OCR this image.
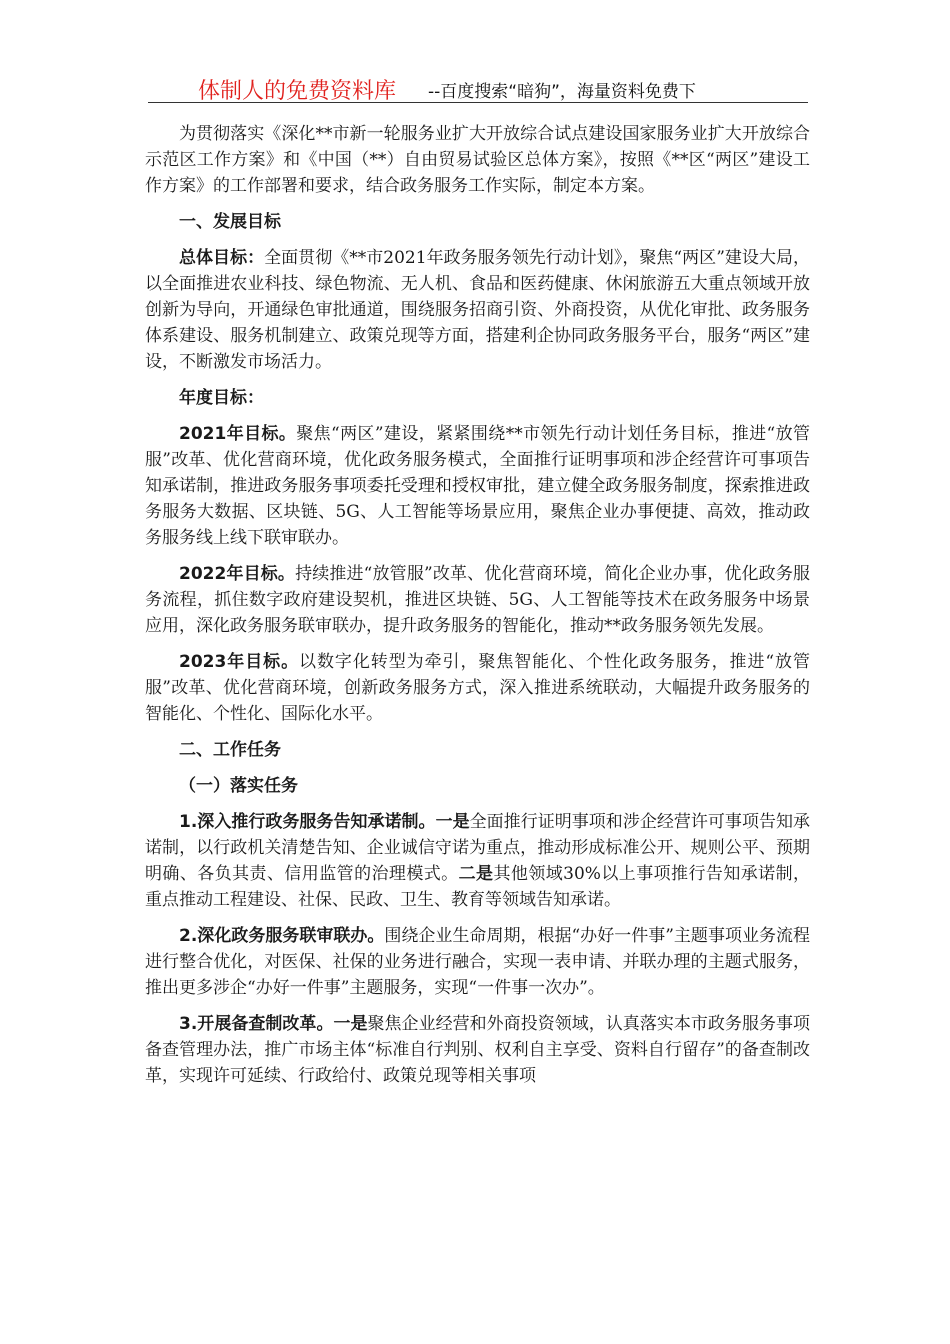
体制人的免费资料库 --百度搜索“暗狗”，海量资料免费下

为贯彻落实《深化**市新一轮服务业扩大开放综合试点建设国家服务业扩大开放综合示范区工作方案》和《中国（**）自由贸易试验区总体方案》，按照《**区“两区”建设工作方案》的工作部署和要求，结合政务服务工作实际，制定本方案。

一、发展目标

总体目标：全面贯彻《**市2021年政务服务领先行动计划》，聚焦“两区”建设大局，以全面推进农业科技、绿色物流、无人机、食品和医药健康、休闲旅游五大重点领域开放创新为导向，开通绿色审批通道，围绕服务招商引资、外商投资，从优化审批、政务服务体系建设、服务机制建立、政策兑现等方面，搭建利企协同政务服务平台，服务“两区”建设，不断激发市场活力。

年度目标：

2021年目标。聚焦“两区”建设，紧紧围绕**市领先行动计划任务目标，推进“放管服”改革、优化营商环境，优化政务服务模式，全面推行证明事项和涉企经营许可事项告知承诺制，推进政务服务事项委托受理和授权审批，建立健全政务服务制度，探索推进政务服务大数据、区块链、5G、人工智能等场景应用，聚焦企业办事便捷、高效，推动政务服务线上线下联审联办。

2022年目标。持续推进“放管服”改革、优化营商环境，简化企业办事，优化政务服务流程，抓住数字政府建设契机，推进区块链、5G、人工智能等技术在政务服务中场景应用，深化政务服务联审联办，提升政务服务的智能化，推动**政务服务领先发展。

2023年目标。以数字化转型为牵引，聚焦智能化、个性化政务服务，推进“放管服”改革、优化营商环境，创新政务服务方式，深入推进系统联动，大幅提升政务服务的智能化、个性化、国际化水平。

二、工作任务

（一）落实任务

1.深入推行政务服务告知承诺制。一是全面推行证明事项和涉企经营许可事项告知承诺制，以行政机关清楚告知、企业诚信守诺为重点，推动形成标准公开、规则公平、预期明确、各负其责、信用监管的治理模式。二是其他领域30%以上事项推行告知承诺制，重点推动工程建设、社保、民政、卫生、教育等领域告知承诺。

2.深化政务服务联审联办。围绕企业生命周期，根据“办好一件事”主题事项业务流程进行整合优化，对医保、社保的业务进行融合，实现一表申请、并联办理的主题式服务，推出更多涉企“办好一件事”主题服务，实现“一件事一次办”。

3.开展备查制改革。一是聚焦企业经营和外商投资领域，认真落实本市政务服务事项备查管理办法，推广市场主体“标准自行判别、权利自主享受、资料自行留存”的备查制改革，实现许可延续、行政给付、政策兑现等相关事项
